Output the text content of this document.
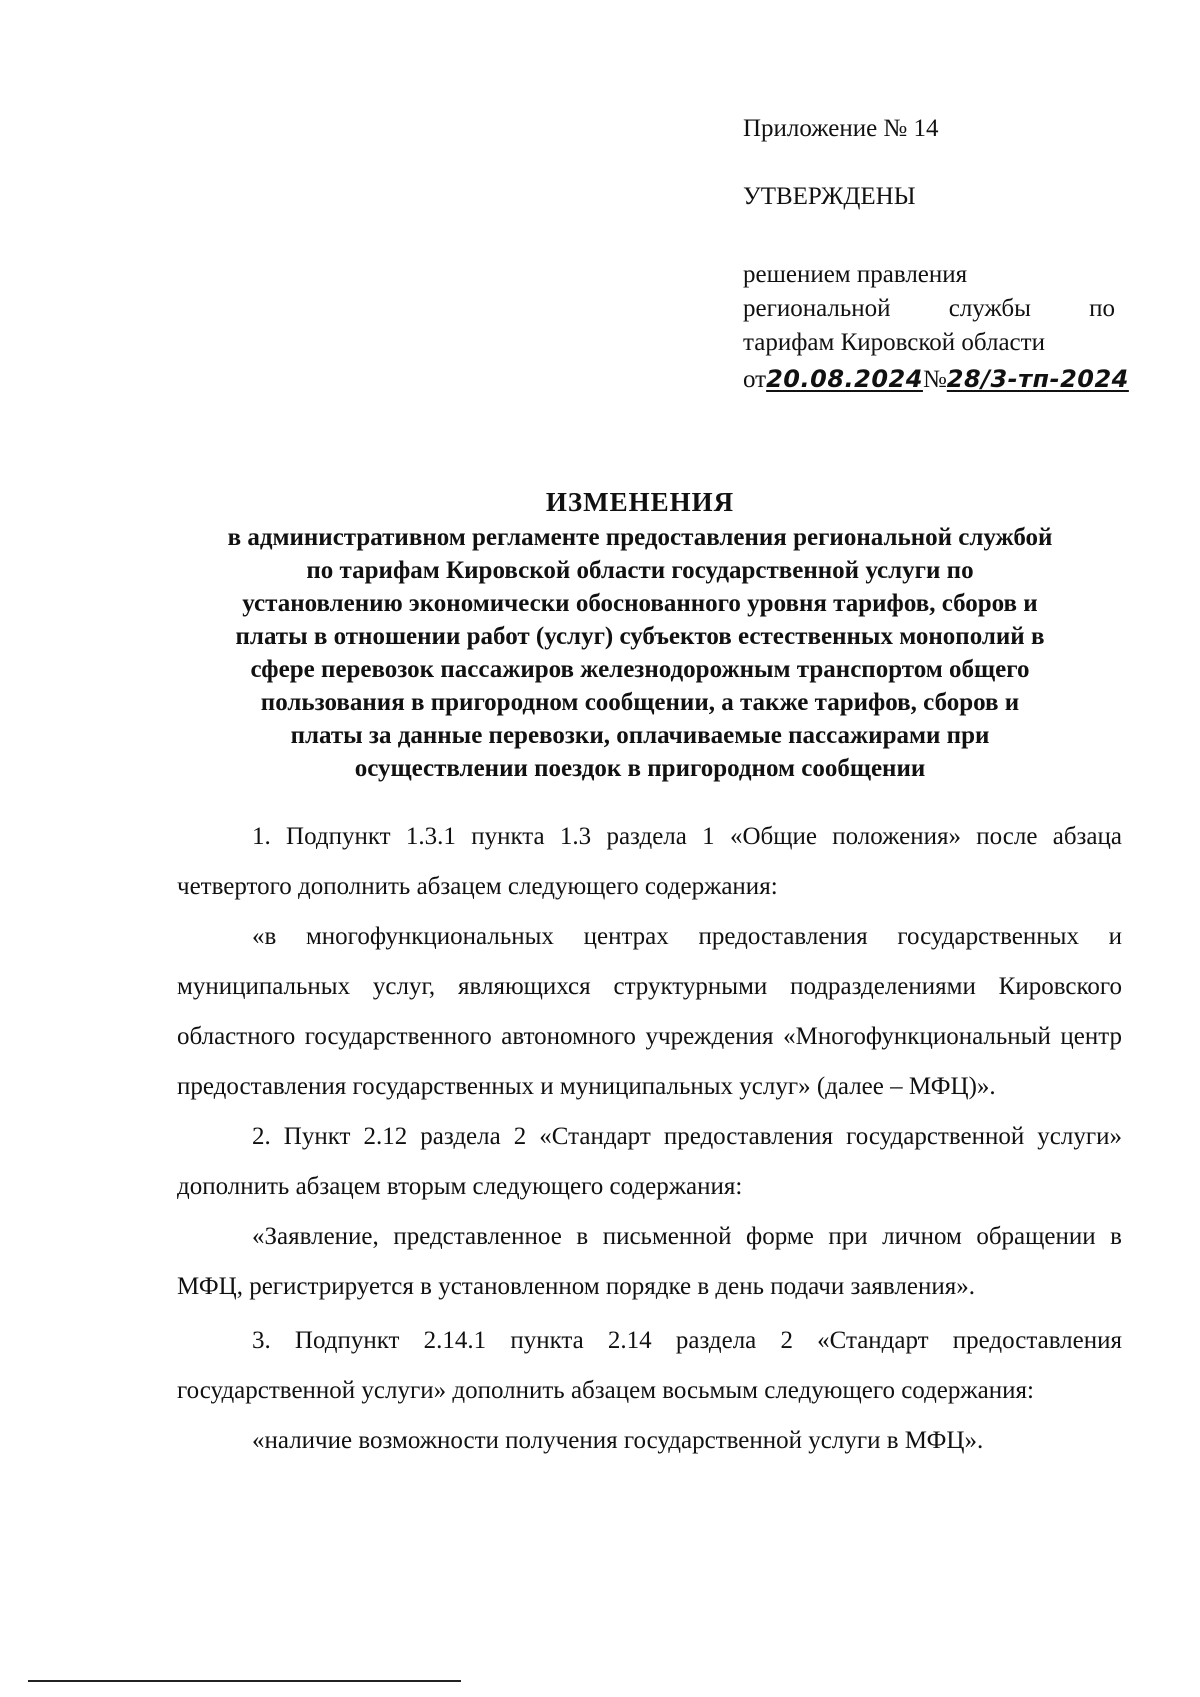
Приложение № 14
УТВЕРЖДЕНЫ
решением правления
региональной службы по
тарифам Кировской области
от20.08.2024№28/3-тп-2024
ИЗМЕНЕНИЯ
в административном регламенте предоставления региональной службой
по тарифам Кировской области государственной услуги по
установлению экономически обоснованного уровня тарифов, сборов и
платы в отношении работ (услуг) субъектов естественных монополий в
сфере перевозок пассажиров железнодорожным транспортом общего
пользования в пригородном сообщении, а также тарифов, сборов и
платы за данные перевозки, оплачиваемые пассажирами при
осуществлении поездок в пригородном сообщении

1. Подпункт 1.3.1 пункта 1.3 раздела 1 «Общие положения» после абзаца четвертого дополнить абзацем следующего содержания:

«в многофункциональных центрах предоставления государственных и муниципальных услуг, являющихся структурными подразделениями Кировского областного государственного автономного учреждения «Многофункциональный центр предоставления государственных и муниципальных услуг» (далее – МФЦ)».

2. Пункт 2.12 раздела 2 «Стандарт предоставления государственной услуги» дополнить абзацем вторым следующего содержания:

«Заявление, представленное в письменной форме при личном обращении в МФЦ, регистрируется в установленном порядке в день подачи заявления».

3. Подпункт 2.14.1 пункта 2.14 раздела 2 «Стандарт предоставления государственной услуги» дополнить абзацем восьмым следующего содержания:

«наличие возможности получения государственной услуги в МФЦ».
